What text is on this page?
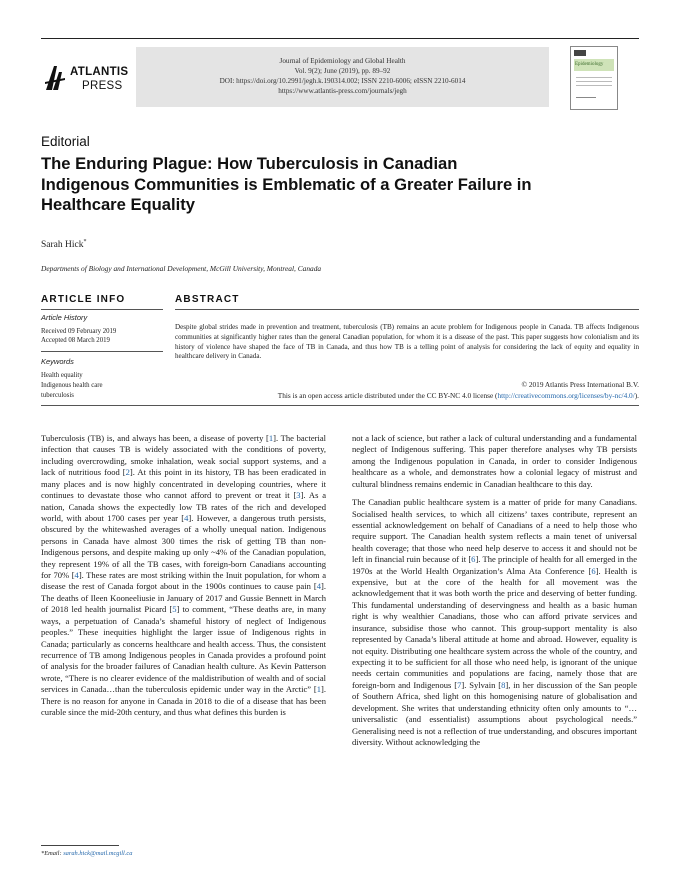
ATLANTIS
PRESS
Journal of Epidemiology and Global Health
Vol. 9(2); June (2019), pp. 89–92
DOI: https://doi.org/10.2991/jegh.k.190314.002; ISSN 2210-6006; eISSN 2210-6014
https://www.atlantis-press.com/journals/jegh
Epidemiology
Editorial
The Enduring Plague: How Tuberculosis in Canadian Indigenous Communities is Emblematic of a Greater Failure in Healthcare Equality
Sarah Hick*
Departments of Biology and International Development, McGill University, Montreal, Canada
ARTICLE INFO
Article History
Received 09 February 2019
Accepted 08 March 2019
Keywords
Health equality
Indigenous health care
tuberculosis
ABSTRACT
Despite global strides made in prevention and treatment, tuberculosis (TB) remains an acute problem for Indigenous people in Canada. TB affects Indigenous communities at significantly higher rates than the general Canadian population, for whom it is a disease of the past. This paper suggests how colonialism and its history of violence have shaped the face of TB in Canada, and thus how TB is a telling point of analysis for considering the lack of equity and equality in healthcare delivery in Canada.
© 2019 Atlantis Press International B.V.
This is an open access article distributed under the CC BY-NC 4.0 license (http://creativecommons.org/licenses/by-nc/4.0/).

Tuberculosis (TB) is, and always has been, a disease of poverty [1]. The bacterial infection that causes TB is widely associated with the conditions of poverty, including overcrowding, smoke inhalation, weak social support systems, and a lack of nutritious food [2]. At this point in its history, TB has been eradicated in many places and is now highly concentrated in developing countries, where it continues to devastate those who cannot afford to prevent or treat it [3]. As a nation, Canada shows the expectedly low TB rates of the rich and developed world, with about 1700 cases per year [4]. However, a dangerous truth persists, obscured by the whitewashed averages of a wholly unequal nation. Indigenous persons in Canada have almost 300 times the risk of getting TB than non-Indigenous persons, and despite making up only ~4% of the Canadian population, they represent 19% of all the TB cases, with foreign-born Canadians accounting for 70% [4]. These rates are most striking within the Inuit population, for whom a disease the rest of Canada forgot about in the 1900s continues to cause pain [4]. The deaths of Ileen Kooneeliusie in January of 2017 and Gussie Bennett in March of 2018 led health journalist Picard [5] to comment, “These deaths are, in many ways, a perpetuation of Canada’s shameful history of neglect of Indigenous peoples.” These inequities highlight the larger issue of Indigenous rights in Canada; particularly as concerns healthcare and health access. Thus, the consistent recurrence of TB among Indigenous peoples in Canada provides a profound point of analysis for the broader failures of Canadian health culture. As Kevin Patterson wrote, “There is no clearer evidence of the maldistribution of wealth and of social services in Canada…than the tuberculosis epidemic under way in the Arctic” [1]. There is no reason for anyone in Canada in 2018 to die of a disease that has been curable since the mid-20th century, and thus what defines this burden is

not a lack of science, but rather a lack of cultural understanding and a fundamental neglect of Indigenous suffering. This paper therefore analyses why TB persists among the Indigenous population in Canada, in order to consider Indigenous healthcare as a whole, and demonstrates how a colonial legacy of mistrust and cultural blindness remains endemic in Canadian healthcare to this day.

The Canadian public healthcare system is a matter of pride for many Canadians. Socialised health services, to which all citizens’ taxes contribute, represent an essential acknowledgement on behalf of Canadians of a need to help those who require support. The Canadian health system reflects a main tenet of universal health coverage; that those who need help deserve to access it and should not be left in financial ruin because of it [6]. The principle of health for all emerged in the 1970s at the World Health Organization’s Alma Ata Conference [6]. Health is expensive, but at the core of the health for all movement was the acknowledgement that it was both worth the price and deserving of better funding. This fundamental understanding of deservingness and health as a basic human right is why wealthier Canadians, those who can afford private services and insurance, subsidise those who cannot. This group-support mentality is also represented by Canada’s liberal attitude at home and abroad. However, equality is not equity. Distributing one healthcare system across the whole of the country, and expecting it to be sufficient for all those who need help, is ignorant of the unique needs certain communities and populations are facing, namely those that are foreign-born and Indigenous [7]. Sylvain [8], in her discussion of the San people of Southern Africa, shed light on this homogenising nature of globalisation and development. She writes that understanding ethnicity often only amounts to “…universalistic (and essentialist) assumptions about psychological needs.” Generalising need is not a reflection of true understanding, and obscures important diversity. Without acknowledging the

*Email: sarah.hick@mail.mcgill.ca
